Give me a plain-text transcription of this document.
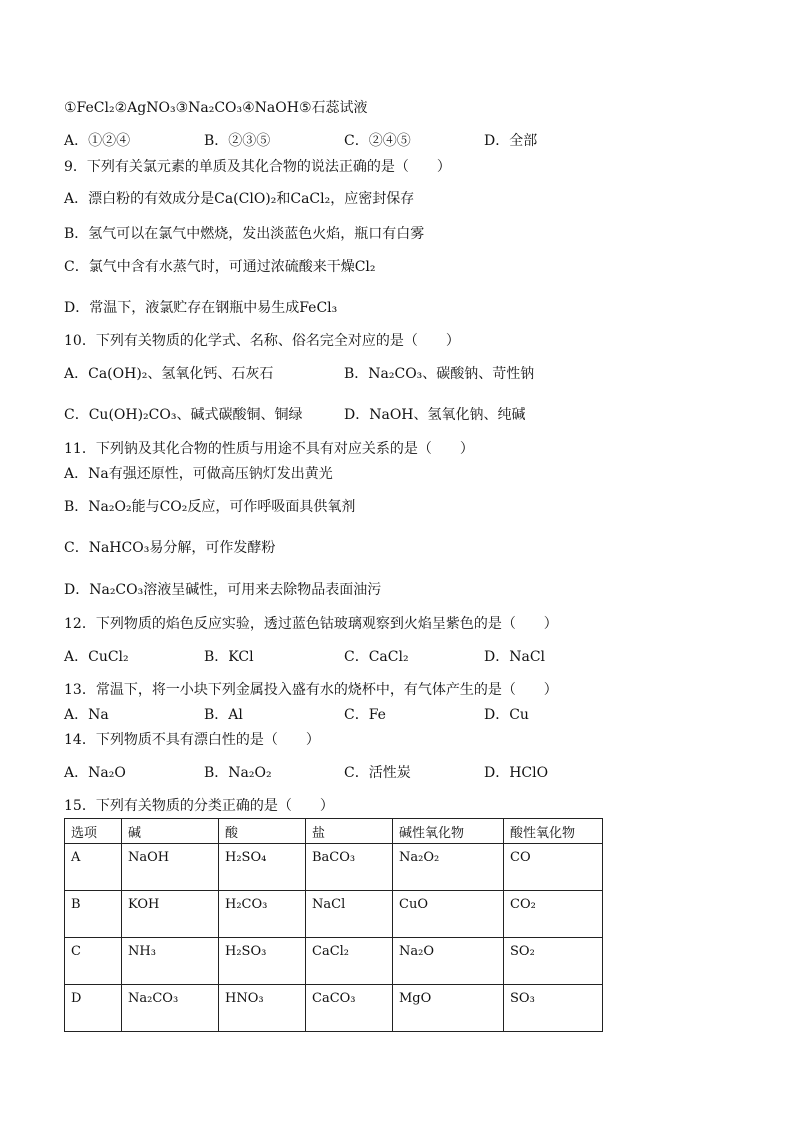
①FeCl₂②AgNO₃③Na₂CO₃④NaOH⑤石蕊试液
A．①②④	B．②③⑤	C．②④⑤	D．全部
9．下列有关氯元素的单质及其化合物的说法正确的是（　　）
A．漂白粉的有效成分是Ca(ClO)₂和CaCl₂，应密封保存
B．氢气可以在氯气中燃烧，发出淡蓝色火焰，瓶口有白雾
C．氯气中含有水蒸气时，可通过浓硫酸来干燥Cl₂
D．常温下，液氯贮存在钢瓶中易生成FeCl₃
10．下列有关物质的化学式、名称、俗名完全对应的是（　　）
A．Ca(OH)₂、氢氧化钙、石灰石	B．Na₂CO₃、碳酸钠、苛性钠
C．Cu(OH)₂CO₃、碱式碳酸铜、铜绿	D．NaOH、氢氧化钠、纯碱
11．下列钠及其化合物的性质与用途不具有对应关系的是（　　）
A．Na有强还原性，可做高压钠灯发出黄光
B．Na₂O₂能与CO₂反应，可作呼吸面具供氧剂
C．NaHCO₃易分解，可作发酵粉
D．Na₂CO₃溶液呈碱性，可用来去除物品表面油污
12．下列物质的焰色反应实验，透过蓝色钴玻璃观察到火焰呈紫色的是（　　）
A．CuCl₂	B．KCl	C．CaCl₂	D．NaCl
13．常温下，将一小块下列金属投入盛有水的烧杯中，有气体产生的是（　　）
A．Na	B．Al	C．Fe	D．Cu
14．下列物质不具有漂白性的是（　　）
A．Na₂O	B．Na₂O₂	C．活性炭	D．HClO
15．下列有关物质的分类正确的是（　　）
选项	碱	酸	盐	碱性氧化物	酸性氧化物
A	NaOH	H₂SO₄	BaCO₃	Na₂O₂	CO
B	KOH	H₂CO₃	NaCl	CuO	CO₂
C	NH₃	H₂SO₃	CaCl₂	Na₂O	SO₂
D	Na₂CO₃	HNO₃	CaCO₃	MgO	SO₃
